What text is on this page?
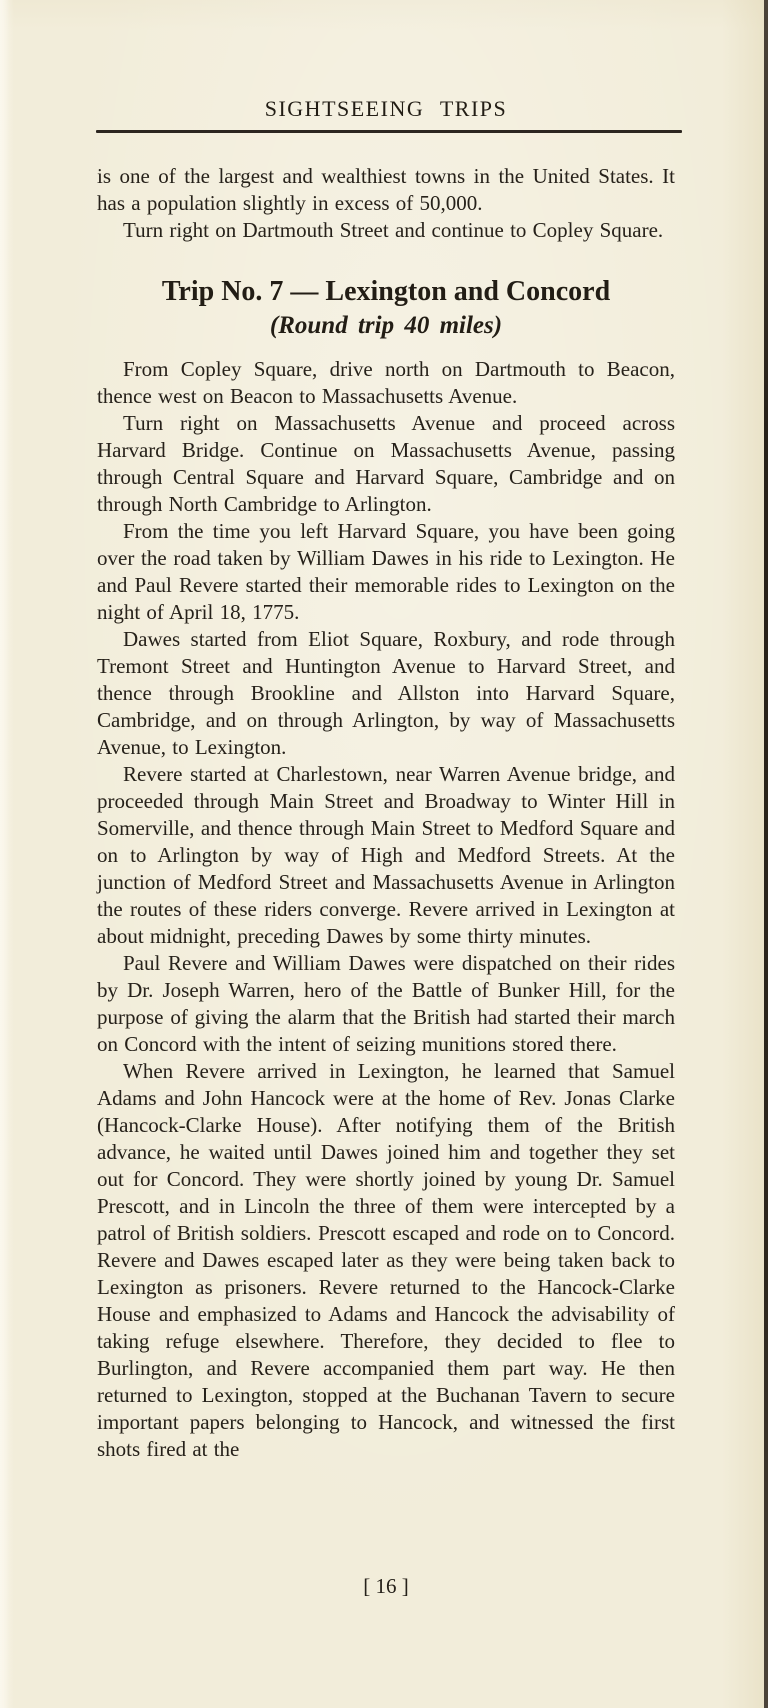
SIGHTSEEING TRIPS

is one of the largest and wealthiest towns in the United States. It has a population slightly in excess of 50,000.

Turn right on Dartmouth Street and continue to Copley Square.

Trip No. 7 — Lexington and Concord
(Round trip 40 miles)

From Copley Square, drive north on Dartmouth to Beacon, thence west on Beacon to Massachusetts Avenue.

Turn right on Massachusetts Avenue and proceed across Harvard Bridge. Continue on Massachusetts Avenue, passing through Central Square and Harvard Square, Cambridge and on through North Cambridge to Arlington.

From the time you left Harvard Square, you have been going over the road taken by William Dawes in his ride to Lexington. He and Paul Revere started their memorable rides to Lexington on the night of April 18, 1775.

Dawes started from Eliot Square, Roxbury, and rode through Tremont Street and Huntington Avenue to Harvard Street, and thence through Brookline and Allston into Harvard Square, Cambridge, and on through Arlington, by way of Massachusetts Avenue, to Lexington.

Revere started at Charlestown, near Warren Avenue bridge, and proceeded through Main Street and Broadway to Winter Hill in Somerville, and thence through Main Street to Medford Square and on to Arlington by way of High and Medford Streets. At the junction of Medford Street and Massachusetts Avenue in Arlington the routes of these riders converge. Revere arrived in Lexington at about midnight, preceding Dawes by some thirty minutes.

Paul Revere and William Dawes were dispatched on their rides by Dr. Joseph Warren, hero of the Battle of Bunker Hill, for the purpose of giving the alarm that the British had started their march on Concord with the intent of seizing munitions stored there.

When Revere arrived in Lexington, he learned that Samuel Adams and John Hancock were at the home of Rev. Jonas Clarke (Hancock-Clarke House). After notifying them of the British advance, he waited until Dawes joined him and together they set out for Concord. They were shortly joined by young Dr. Samuel Prescott, and in Lincoln the three of them were intercepted by a patrol of British soldiers. Prescott escaped and rode on to Concord. Revere and Dawes escaped later as they were being taken back to Lexington as prisoners. Revere returned to the Hancock-Clarke House and emphasized to Adams and Hancock the advisability of taking refuge elsewhere. Therefore, they decided to flee to Burlington, and Revere accompanied them part way. He then returned to Lexington, stopped at the Buchanan Tavern to secure important papers belonging to Hancock, and witnessed the first shots fired at the

[ 16 ]
